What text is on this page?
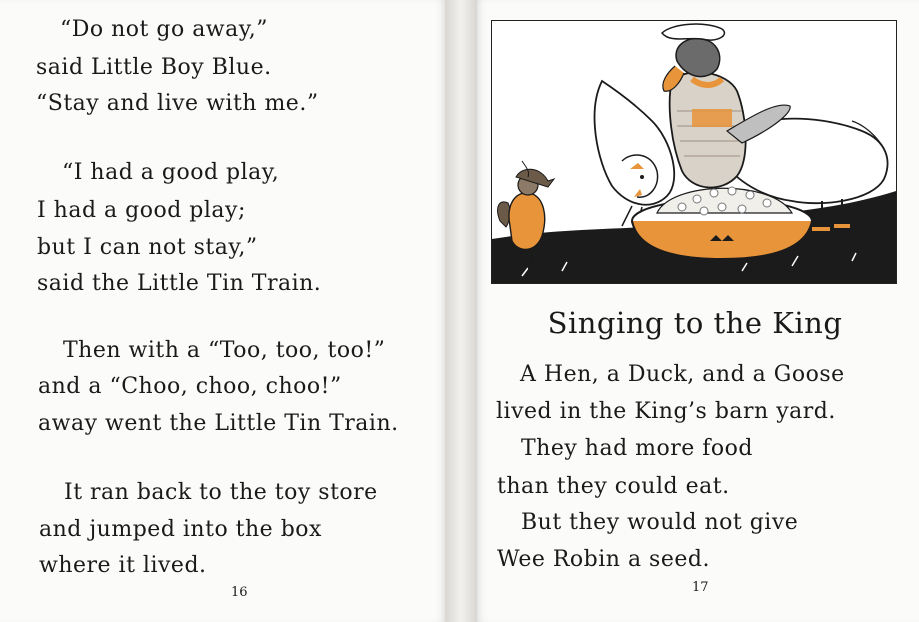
“Do not go away,”
said Little Boy Blue.
“Stay and live with me.”
“I had a good play,
I had a good play;
but I can not stay,”
said the Little Tin Train.
Then with a “Too, too, too!”
and a “Choo, choo, choo!”
away went the Little Tin Train.
It ran back to the toy store
and jumped into the box
where it lived.
16
Singing to the King
A Hen, a Duck, and a Goose
lived in the King’s barn yard.
They had more food
than they could eat.
But they would not give
Wee Robin a seed.
17
